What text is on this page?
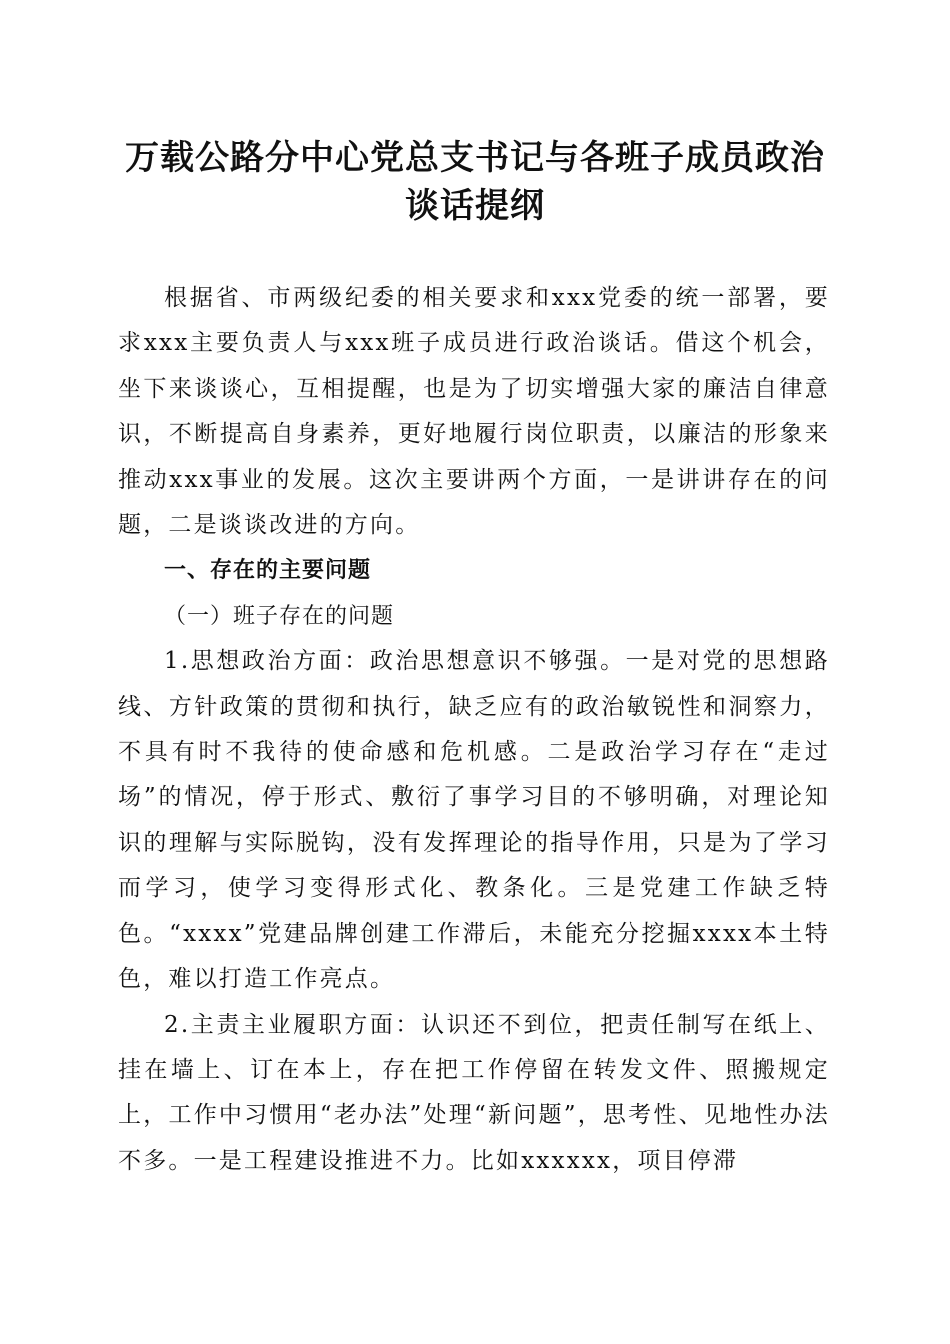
万载公路分中心党总支书记与各班子成员政治
谈话提纲

根据省、市两级纪委的相关要求和xxx党委的统一部署，要求xxx主要负责人与xxx班子成员进行政治谈话。借这个机会，坐下来谈谈心，互相提醒，也是为了切实增强大家的廉洁自律意识，不断提高自身素养，更好地履行岗位职责，以廉洁的形象来推动xxx事业的发展。这次主要讲两个方面，一是讲讲存在的问题，二是谈谈改进的方向。

一、存在的主要问题

（一）班子存在的问题

1.思想政治方面：政治思想意识不够强。一是对党的思想路线、方针政策的贯彻和执行，缺乏应有的政治敏锐性和洞察力，不具有时不我待的使命感和危机感。二是政治学习存在“走过场”的情况，停于形式、敷衍了事学习目的不够明确，对理论知识的理解与实际脱钩，没有发挥理论的指导作用，只是为了学习而学习，使学习变得形式化、教条化。三是党建工作缺乏特色。“xxxx”党建品牌创建工作滞后，未能充分挖掘xxxx本土特色，难以打造工作亮点。

2.主责主业履职方面：认识还不到位，把责任制写在纸上、挂在墙上、订在本上，存在把工作停留在转发文件、照搬规定上，工作中习惯用“老办法”处理“新问题”，思考性、见地性办法不多。一是工程建设推进不力。比如xxxxxx，项目停滞
